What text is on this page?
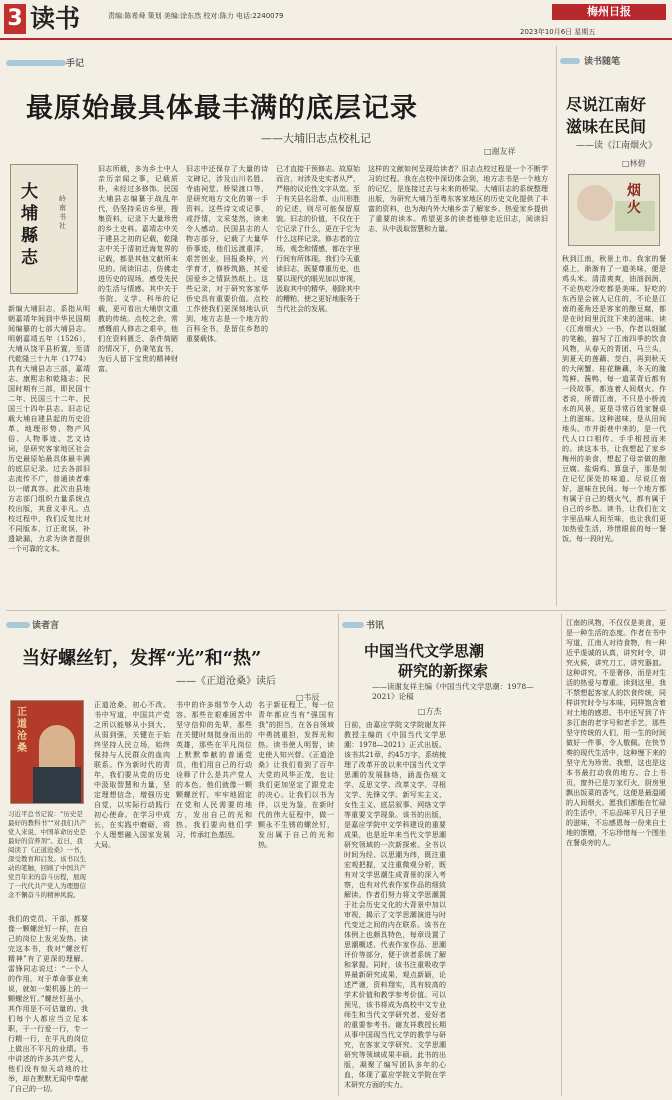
3 读书	责编:陈希舜 策划 美编:涂东然 校对:陈力 电话:2240079	梅州日报
2023年10月6日 星期五
手记
最原始最具体最丰满的底层记录
——大埔旧志点校札记
□谢友祥
大埔縣志
岭南书社
新编大埔旧志，系指从明朝嘉靖年间到中华民国期间编纂的七部大埔县志。明朝嘉靖五年（1526），大埔从饶平县析置，至清代乾隆三十九年（1774）共有大埔县志三部，嘉靖志、康熙志和乾隆志；民国时期有三部，即民国十二年、民国三十二年、民国三十四年县志。旧志记载大埔自建县起的历史沿革、地理形势、物产风俗、人物事迹、艺文诗词，是研究客家地区社会历史最原始最具体最丰满的底层记录。过去各部旧志流传不广，普通读者难以一睹真容。此次由县地方志部门组织力量系统点校出版，其意义非凡。点校过程中，我们反复比对不同版本，订正讹误，补遗缺漏，力求为读者提供一个可靠的文本。
旧志所载，多为乡土中人亲历亲闻之事，记载质朴，未经过多修饰。民国大埔县志编纂于战乱年代，仍坚持采访乡里，搜集资料，记录下大量珍贵的乡土史料。嘉靖志中关于建县之初的记载，乾隆志中关于清初迁海复界的记载，都是其他文献所未见的。阅读旧志，仿佛走进历史的现场，感受先民的生活与情感。其中关于书院、义学、科举的记载，更可看出大埔崇文重教的传统。点校之余，常感慨前人修志之艰辛，他们在资料匮乏、条件简陋的情况下，仍秉笔直书，为后人留下宝贵的精神财富。
旧志中还保存了大量的诗文碑记，涉及山川名胜、寺庙祠堂、桥梁渡口等，是研究地方文化的第一手资料。这些诗文或记事，或抒情，文采斐然，读来令人感动。民国县志的人物志部分，记载了大量华侨事迹，他们远渡重洋，艰苦创业，回报桑梓，兴学育才，修桥筑路，其爱国爱乡之情跃然纸上。这些记录，对于研究客家华侨史具有重要价值。点校工作使我们更深刻地认识到，地方志是一个地方的百科全书，是留住乡愁的重要载体。
已才直接干预修志。故原始而言，对涉及史实者从严，严格的议论性文字从宽。至于有关县名沿革、山川形胜的记述，则尽可能保留原貌。旧志的价值，不仅在于它记录了什么，更在于它为什么这样记录。修志者的立场、观念和情感，都在字里行间有所体现。我们今天重读旧志，既要尊重历史，也要以现代的眼光加以审视，汲取其中的精华，剔除其中的糟粕，使之更好地服务于当代社会的发展。
这样的文献如何呈现给读者？旧志点校过程是一个不断学习的过程。我在点校中深切体会到，地方志书是一个地方的记忆，是连接过去与未来的桥梁。大埔旧志的系统整理出版，为研究大埔乃至粤东客家地区的历史文化提供了丰富的资料，也为海内外大埔乡亲了解家乡、热爱家乡提供了重要的读本。希望更多的读者能够走近旧志，阅读旧志，从中汲取智慧和力量。
读书随笔
尽说江南好
滋味在民间
——读《江南烟火》
□林碧
烟火
秋到江南，秋景上市。我家的餐桌上，渐渐有了一道美味，便是鸡头米。清清爽爽，油油润润，不论热吃冷吃都是美味。好吃的东西是会被人记住的，不论是江南的菱角还是客家的酿豆腐，都是在时间里沉淀下来的滋味。读《江南烟火》一书，作者以细腻的笔触，描写了江南四季的饮食风物，从春天的青团、马兰头，到夏天的莲藕、茭白，再到秋天的大闸蟹、桂花糖藕，冬天的腌笃鲜、酱鸭，每一道菜背后都有一段故事，都连着人间烟火。作者说，所谓江南，不只是小桥流水的风景，更是寻常百姓家餐桌上的滋味。这种滋味，是从田间地头、市井街巷中来的，是一代代人口口相传、手手相授而来的。读这本书，让我想起了家乡梅州的美食，想起了母亲做的酿豆腐、盐焗鸡、算盘子，那是刻在记忆深处的味道。尽说江南好，滋味在民间。每一个地方都有属于自己的烟火气，都有属于自己的乡愁。读书，让我们在文字里品味人间至味，也让我们更加热爱生活，珍惜眼前的每一餐饭、每一段时光。
读者言
当好螺丝钉，发挥“光”和“热”
——《正道沧桑》读后
□韦辰
正道沧桑
习近平总书记说：“历史是最好的教科书”“对我们共产党人来说，中国革命历史是最好的营养剂”。近日，我阅读了《正道沧桑》一书，深受教育和启发。该书以生动的笔触，回顾了中国共产党百年来的奋斗历程，展现了一代代共产党人为理想信念不懈奋斗的精神风貌。
我们的党员、干部，都要像一颗螺丝钉一样，在自己的岗位上发光发热。读完这本书，我对“螺丝钉精神”有了更深的理解。雷锋同志说过：“一个人的作用，对于革命事业来说，就如一架机器上的一颗螺丝钉。”螺丝钉虽小，其作用是不可估量的。我们每个人都应当立足本职，干一行爱一行，专一行精一行，在平凡的岗位上做出不平凡的业绩。书中讲述的许多共产党人，他们没有惊天动地的壮举，却在默默无闻中奉献了自己的一切。
正道沧桑，初心不改。书中写道，中国共产党之所以能够从小到大、从弱到强，关键在于始终坚持人民立场，始终保持与人民群众的血肉联系。作为新时代的青年，我们要从党的历史中汲取智慧和力量，坚定理想信念，增强历史自觉，以实际行动践行初心使命。在学习中成长，在实践中磨砺，将个人理想融入国家发展大局。
书中的许多细节令人动容。那些在艰难困苦中坚守信仰的先辈，那些在关键时刻挺身而出的英雄，那些在平凡岗位上默默奉献的普通党员，他们用自己的行动诠释了什么是共产党人的本色。他们就像一颗颗螺丝钉，牢牢地固定在党和人民需要的地方，发出自己的光和热。我们要向他们学习，传承红色基因。
名于新征程上，每一位青年都应当有“强国有我”的担当，在各自领域中勇挑重担，发挥光和热。读书使人明智，读史使人知兴替。《正道沧桑》让我们看到了百年大党的风华正茂，也让我们更加坚定了跟党走的决心。让我们以书为伴，以史为鉴，在新时代的伟大征程中，做一颗永不生锈的螺丝钉，发出属于自己的光和热。
书讯
中国当代文学思潮
研究的新探索
——读谢友祥主编《中国当代文学思潮：1978—2021》论稿
□方杰
日前，由嘉应学院文学院谢友祥教授主编的《中国当代文学思潮：1978—2021》正式出版。该书共21章，约45万字，系统梳理了改革开放以来中国当代文学思潮的发展脉络，涵盖伤痕文学、反思文学、改革文学、寻根文学、先锋文学、新写实主义、女性主义、底层叙事、网络文学等重要文学现象。该书的出版，是嘉应学院中文学科建设的重要成果，也是近年来当代文学思潮研究领域的一次新探索。全书以时间为经、以思潮为纬，既注重宏观把握，又注重微观分析，既有对文学思潮生成背景的深入考察，也有对代表作家作品的细致解读。作者们努力将文学思潮置于社会历史文化的大背景中加以审视，揭示了文学思潮演进与时代变迁之间的内在联系。该书在体例上也颇具特色，每章设置了思潮概述、代表作家作品、思潮评价等部分，便于读者系统了解和掌握。同时，该书注重吸收学界最新研究成果，观点新颖，论述严谨，资料翔实，具有较高的学术价值和教学参考价值。可以预见，该书将成为高校中文专业师生和当代文学研究者、爱好者的重要参考书。谢友祥教授长期从事中国现当代文学的教学与研究，在客家文学研究、文学思潮研究等领域成果丰硕。此书的出版，凝聚了编写团队多年的心血，体现了嘉应学院文学院在学术研究方面的实力。
江南的风物，不仅仅是美食，更是一种生活的态度。作者在书中写道，江南人对待食物，有一种近乎虔诚的认真，讲究时令，讲究火候，讲究刀工，讲究器皿。这种讲究，不是奢侈，而是对生活的热爱与尊重。读到这里，我不禁想起客家人的饮食传统，同样讲究时令与本味，同样饱含着对土地的感恩。书中还写到了许多江南的老字号和老手艺，那些坚守传统的人们，用一生的时间做好一件事，令人敬佩。在快节奏的现代生活中，这种慢下来的坚守尤为珍贵。我想，这也是这本书最打动我的地方。合上书页，窗外已是万家灯火，厨房里飘出饭菜的香气，这便是最温暖的人间烟火。愿我们都能在忙碌的生活中，不忘品味平凡日子里的滋味，不忘感恩每一份来自土地的馈赠，不忘珍惜每一个围坐在餐桌旁的人。
